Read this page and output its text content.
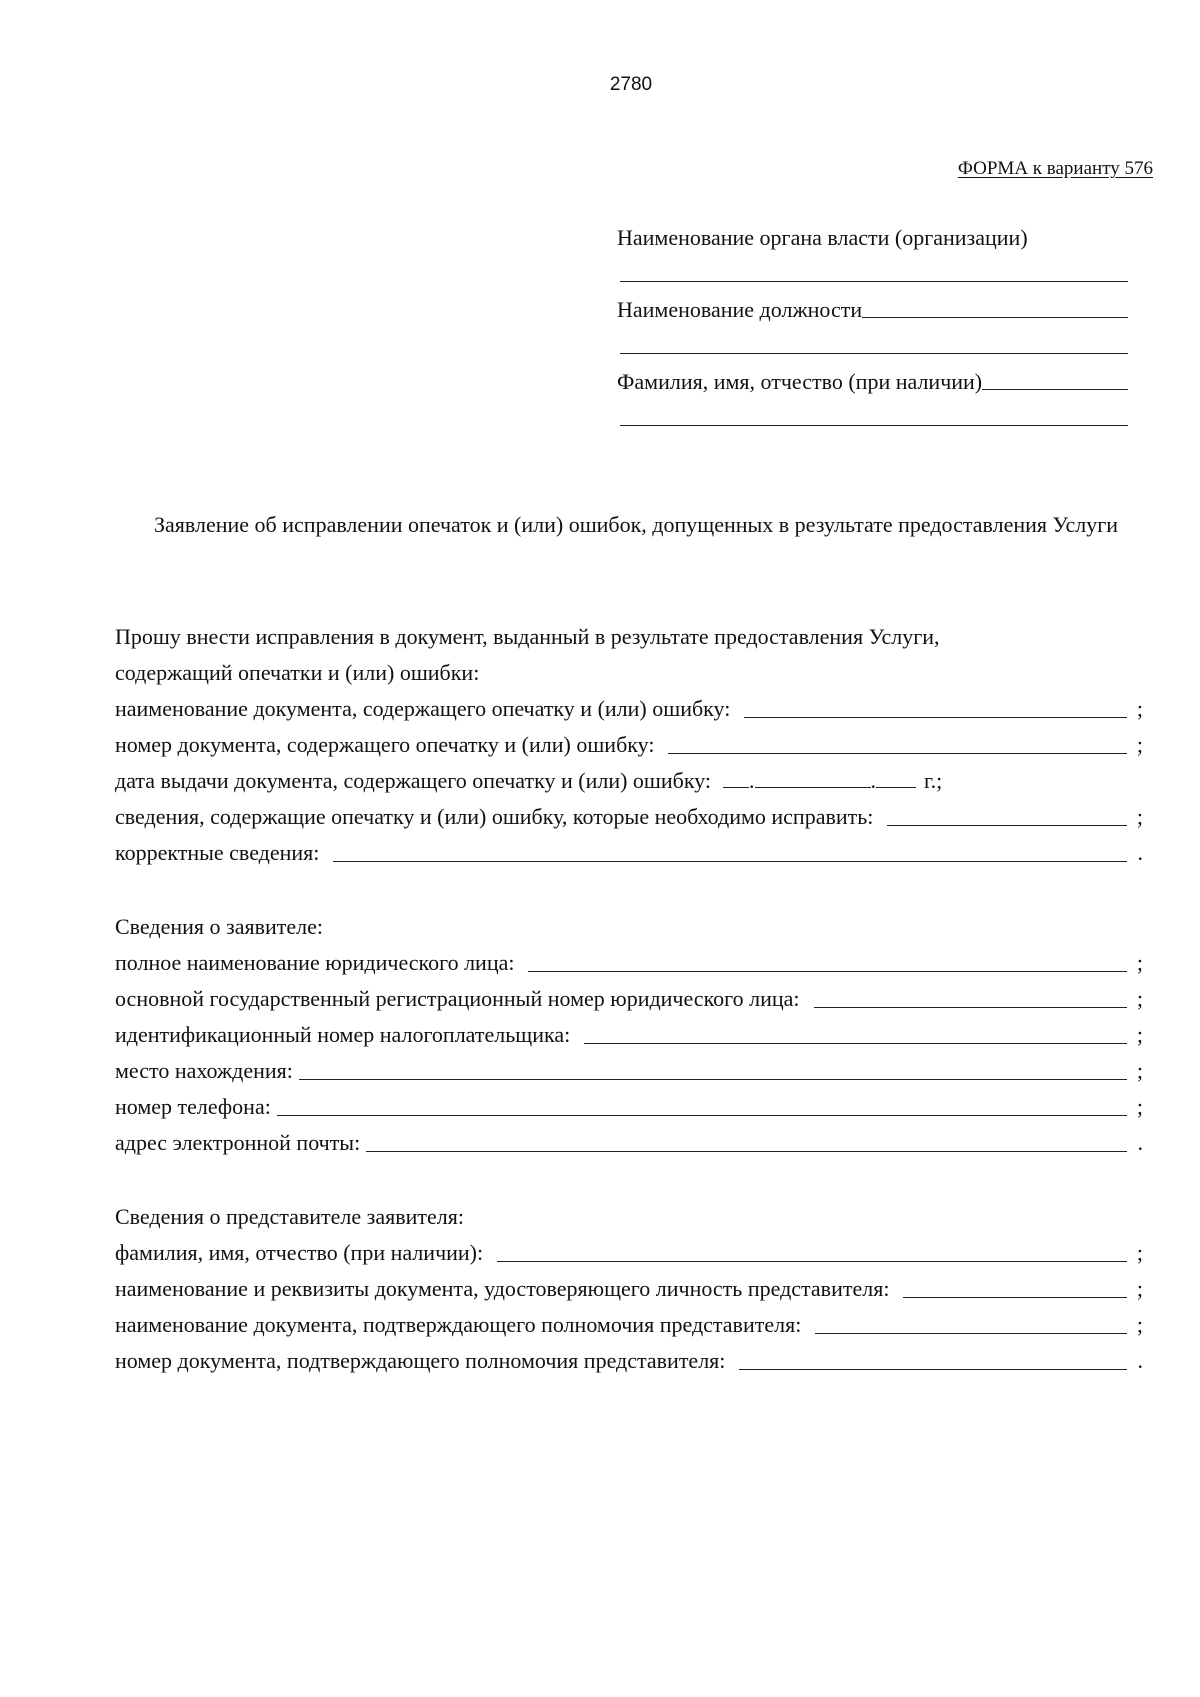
2780
ФОРМА к варианту 576
Наименование органа власти (организации)
Наименование должности
Фамилия, имя, отчество (при наличии)
Заявление об исправлении опечаток и (или) ошибок, допущенных в результате предоставления Услуги
Прошу внести исправления в документ, выданный в результате предоставления Услуги,
содержащий опечатки и (или) ошибки:
наименование документа, содержащего опечатку и (или) ошибку:	;
номер документа, содержащего опечатку и (или) ошибку:	;
дата выдачи документа, содержащего опечатку и (или) ошибку:	.	.	г.;
сведения, содержащие опечатку и (или) ошибку, которые необходимо исправить:	;
корректные сведения:	.
Сведения о заявителе:
полное наименование юридического лица:	;
основной государственный регистрационный номер юридического лица:	;
идентификационный номер налогоплательщика:	;
место нахождения:	;
номер телефона:	;
адрес электронной почты:	.
Сведения о представителе заявителя:
фамилия, имя, отчество (при наличии):	;
наименование и реквизиты документа, удостоверяющего личность представителя:	;
наименование документа, подтверждающего полномочия представителя:	;
номер документа, подтверждающего полномочия представителя:	.
